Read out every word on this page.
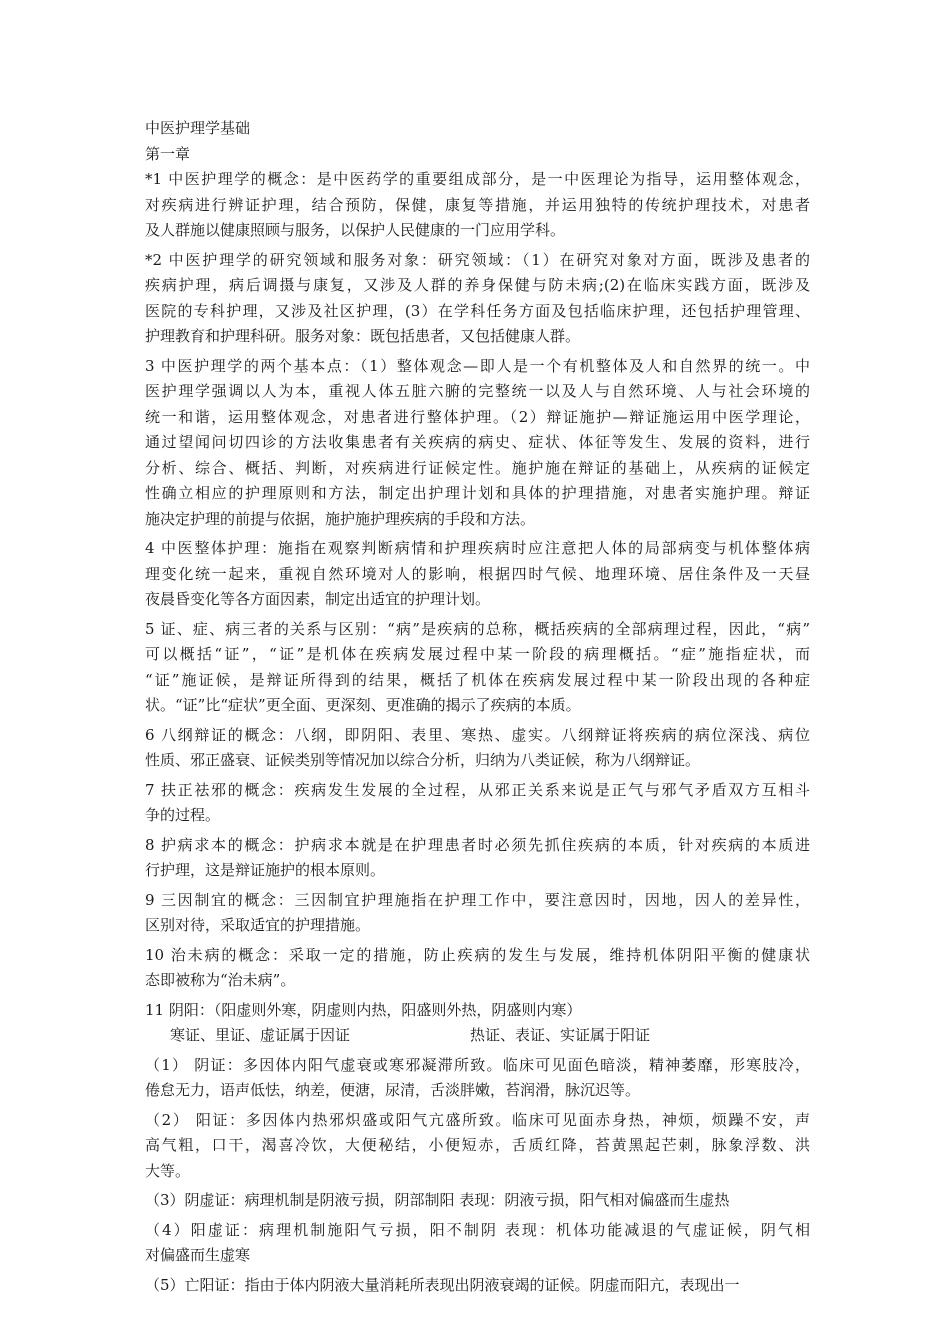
中医护理学基础
第一章
*1 中医护理学的概念：是中医药学的重要组成部分，是一中医理论为指导，运用整体观念，
对疾病进行辨证护理，结合预防，保健，康复等措施，并运用独特的传统护理技术，对患者
及人群施以健康照顾与服务，以保护人民健康的一门应用学科。
*2 中医护理学的研究领域和服务对象：研究领域：（1）在研究对象对方面，既涉及患者的
疾病护理，病后调摄与康复，又涉及人群的养身保健与防未病;(2)在临床实践方面，既涉及
医院的专科护理，又涉及社区护理，(3）在学科任务方面及包括临床护理，还包括护理管理、
护理教育和护理科研。服务对象：既包括患者，又包括健康人群。
3 中医护理学的两个基本点：（1）整体观念—即人是一个有机整体及人和自然界的统一。中
医护理学强调以人为本，重视人体五脏六腑的完整统一以及人与自然环境、人与社会环境的
统一和谐，运用整体观念，对患者进行整体护理。（2）辩证施护—辩证施运用中医学理论，
通过望闻问切四诊的方法收集患者有关疾病的病史、症状、体征等发生、发展的资料，进行
分析、综合、概括、判断，对疾病进行证候定性。施护施在辩证的基础上，从疾病的证候定
性确立相应的护理原则和方法，制定出护理计划和具体的护理措施，对患者实施护理。辩证
施决定护理的前提与依据，施护施护理疾病的手段和方法。
4 中医整体护理：施指在观察判断病情和护理疾病时应注意把人体的局部病变与机体整体病
理变化统一起来，重视自然环境对人的影响，根据四时气候、地理环境、居住条件及一天昼
夜晨昏变化等各方面因素，制定出适宜的护理计划。
5 证、症、病三者的关系与区别：“病”是疾病的总称，概括疾病的全部病理过程，因此，“病”
可以概括“证”，“证”是机体在疾病发展过程中某一阶段的病理概括。“症”施指症状，而
“证”施证候，是辩证所得到的结果，概括了机体在疾病发展过程中某一阶段出现的各种症
状。“证”比“症状”更全面、更深刻、更准确的揭示了疾病的本质。
6 八纲辩证的概念：八纲，即阴阳、表里、寒热、虚实。八纲辩证将疾病的病位深浅、病位
性质、邪正盛衰、证候类别等情况加以综合分析，归纳为八类证候，称为八纲辩证。
7 扶正祛邪的概念：疾病发生发展的全过程，从邪正关系来说是正气与邪气矛盾双方互相斗
争的过程。
8 护病求本的概念：护病求本就是在护理患者时必须先抓住疾病的本质，针对疾病的本质进
行护理，这是辩证施护的根本原则。
9 三因制宜的概念：三因制宜护理施指在护理工作中，要注意因时，因地，因人的差异性，
区别对待，采取适宜的护理措施。
10 治未病的概念：采取一定的措施，防止疾病的发生与发展，维持机体阴阳平衡的健康状
态即被称为“治未病”。
11 阴阳：（阳虚则外寒，阴虚则内热，阳盛则外热，阴盛则内寒）
寒证、里证、虚证属于因证	热证、表证、实证属于阳证
（1） 阴证：多因体内阳气虚衰或寒邪凝滞所致。临床可见面色暗淡，精神萎靡，形寒肢冷，
倦怠无力，语声低怯，纳差，便溏，尿清，舌淡胖嫩，苔润滑，脉沉迟等。
（2） 阳证：多因体内热邪炽盛或阳气亢盛所致。临床可见面赤身热，神烦，烦躁不安，声
高气粗，口干，渴喜冷饮，大便秘结，小便短赤，舌质红降，苔黄黑起芒刺，脉象浮数、洪
大等。
（3）阴虚证：病理机制是阴液亏损，阴部制阳 表现：阴液亏损，阳气相对偏盛而生虚热
（4）阳虚证：病理机制施阳气亏损，阳不制阴 表现：机体功能减退的气虚证候，阴气相
对偏盛而生虚寒
（5）亡阳证：指由于体内阴液大量消耗所表现出阴液衰竭的证候。阴虚而阳亢，表现出一
